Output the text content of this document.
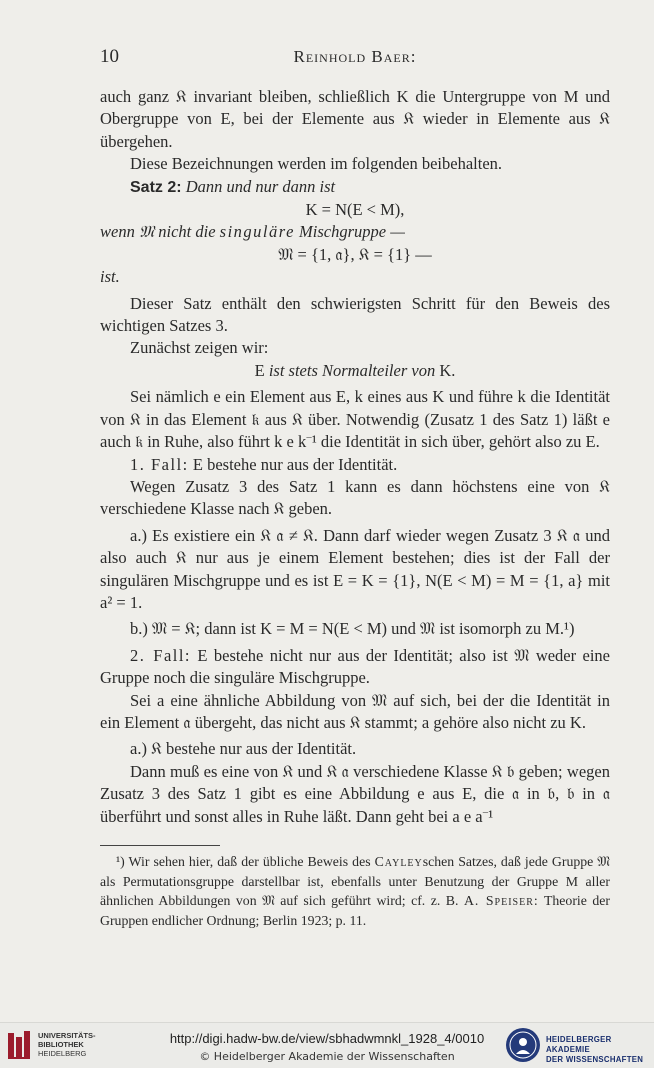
10	Reinhold Baer:

auch ganz 𝔎 invariant bleiben, schließlich K die Untergruppe von M und Obergruppe von E, bei der Elemente aus 𝔎 wieder in Elemente aus 𝔎 übergehen.

Diese Bezeichnungen werden im folgenden beibehalten.

Satz 2: Dann und nur dann ist

K = N(E < M),

wenn 𝔐 nicht die singuläre Mischgruppe —

𝔐 = {1, 𝔞}, 𝔎 = {1} —

ist.

Dieser Satz enthält den schwierigsten Schritt für den Beweis des wichtigen Satzes 3.

Zunächst zeigen wir:

E ist stets Normalteiler von K.

Sei nämlich e ein Element aus E, k eines aus K und führe k die Identität von 𝔎 in das Element 𝔨 aus 𝔎 über. Notwendig (Zusatz 1 des Satz 1) läßt e auch 𝔨 in Ruhe, also führt k e k⁻¹ die Identität in sich über, gehört also zu E.

1. Fall: E bestehe nur aus der Identität.

Wegen Zusatz 3 des Satz 1 kann es dann höchstens eine von 𝔎 verschiedene Klasse nach 𝔎 geben.

a.) Es existiere ein 𝔎 𝔞 ≠ 𝔎. Dann darf wieder wegen Zusatz 3 𝔎 𝔞 und also auch 𝔎 nur aus je einem Element bestehen; dies ist der Fall der singulären Mischgruppe und es ist E = K = {1}, N(E < M) = M = {1, a} mit a² = 1.

b.) 𝔐 = 𝔎; dann ist K = M = N(E < M) und 𝔐 ist isomorph zu M.¹)

2. Fall: E bestehe nicht nur aus der Identität; also ist 𝔐 weder eine Gruppe noch die singuläre Mischgruppe.

Sei a eine ähnliche Abbildung von 𝔐 auf sich, bei der die Identität in ein Element 𝔞 übergeht, das nicht aus 𝔎 stammt; a gehöre also nicht zu K.

a.) 𝔎 bestehe nur aus der Identität.

Dann muß es eine von 𝔎 und 𝔎 𝔞 verschiedene Klasse 𝔎 𝔟 geben; wegen Zusatz 3 des Satz 1 gibt es eine Abbildung e aus E, die 𝔞 in 𝔟, 𝔟 in 𝔞 überführt und sonst alles in Ruhe läßt. Dann geht bei a e a⁻¹

¹) Wir sehen hier, daß der übliche Beweis des Cayleyschen Satzes, daß jede Gruppe 𝔐 als Permutationsgruppe darstellbar ist, ebenfalls unter Benutzung der Gruppe M aller ähnlichen Abbildungen von 𝔐 auf sich geführt wird; cf. z. B. A. Speiser: Theorie der Gruppen endlicher Ordnung; Berlin 1923; p. 11.

UNIVERSITÄTS-
BIBLIOTHEK
HEIDELBERG
http://digi.hadw-bw.de/view/sbhadwmnkl_1928_4/0010
© Heidelberger Akademie der Wissenschaften
HEIDELBERGER AKADEMIE
DER WISSENSCHAFTEN
